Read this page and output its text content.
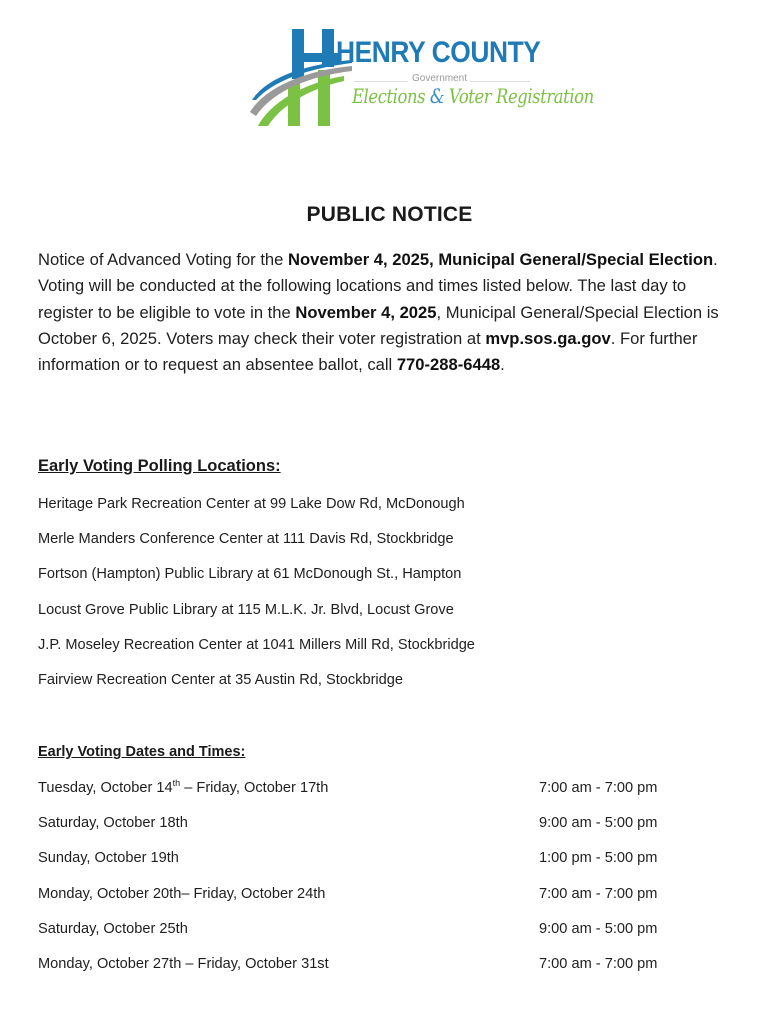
HENRY COUNTY
Government
Elections & Voter Registration
PUBLIC NOTICE

Notice of Advanced Voting for the November 4, 2025, Municipal General/Special Election. Voting will be conducted at the following locations and times listed below. The last day to register to be eligible to vote in the November 4, 2025, Municipal General/Special Election is October 6, 2025. Voters may check their voter registration at mvp.sos.ga.gov. For further information or to request an absentee ballot, call 770-288-6448.

Early Voting Polling Locations:
Heritage Park Recreation Center at 99 Lake Dow Rd, McDonough
Merle Manders Conference Center at 111 Davis Rd, Stockbridge
Fortson (Hampton) Public Library at 61 McDonough St., Hampton
Locust Grove Public Library at 115 M.L.K. Jr. Blvd, Locust Grove
J.P. Moseley Recreation Center at 1041 Millers Mill Rd, Stockbridge
Fairview Recreation Center at 35 Austin Rd, Stockbridge
Early Voting Dates and Times:
Tuesday, October 14th – Friday, October 17th	7:00 am - 7:00 pm
Saturday, October 18th	9:00 am - 5:00 pm
Sunday, October 19th	1:00 pm - 5:00 pm
Monday, October 20th– Friday, October 24th	7:00 am - 7:00 pm
Saturday, October 25th	9:00 am - 5:00 pm
Monday, October 27th – Friday, October 31st	7:00 am - 7:00 pm
